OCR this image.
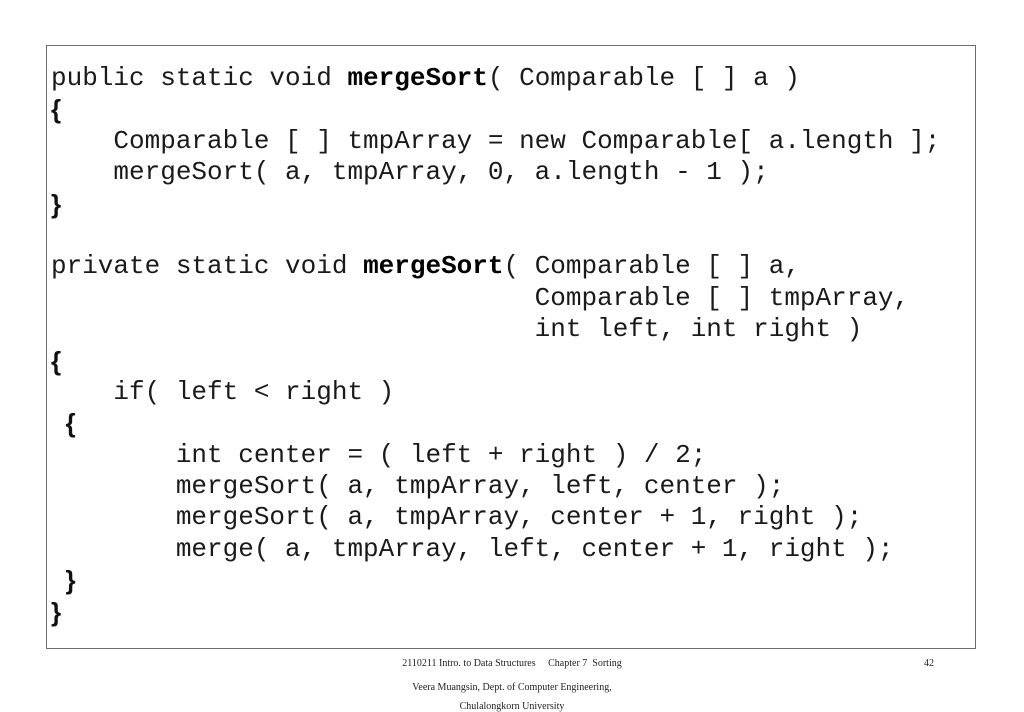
public static void mergeSort( Comparable [ ] a )
{
Comparable [ ] tmpArray = new Comparable[ a.length ];
mergeSort( a, tmpArray, 0, a.length - 1 );
}
private static void mergeSort( Comparable [ ] a,
Comparable [ ] tmpArray,
int left, int right )
{
if( left < right )
{
int center = ( left + right ) / 2;
mergeSort( a, tmpArray, left, center );
mergeSort( a, tmpArray, center + 1, right );
merge( a, tmpArray, left, center + 1, right );
}
}
2110211 Intro. to Data Structures     Chapter 7  Sorting	42
Veera Muangsin, Dept. of Computer Engineering,
Chulalongkorn University
